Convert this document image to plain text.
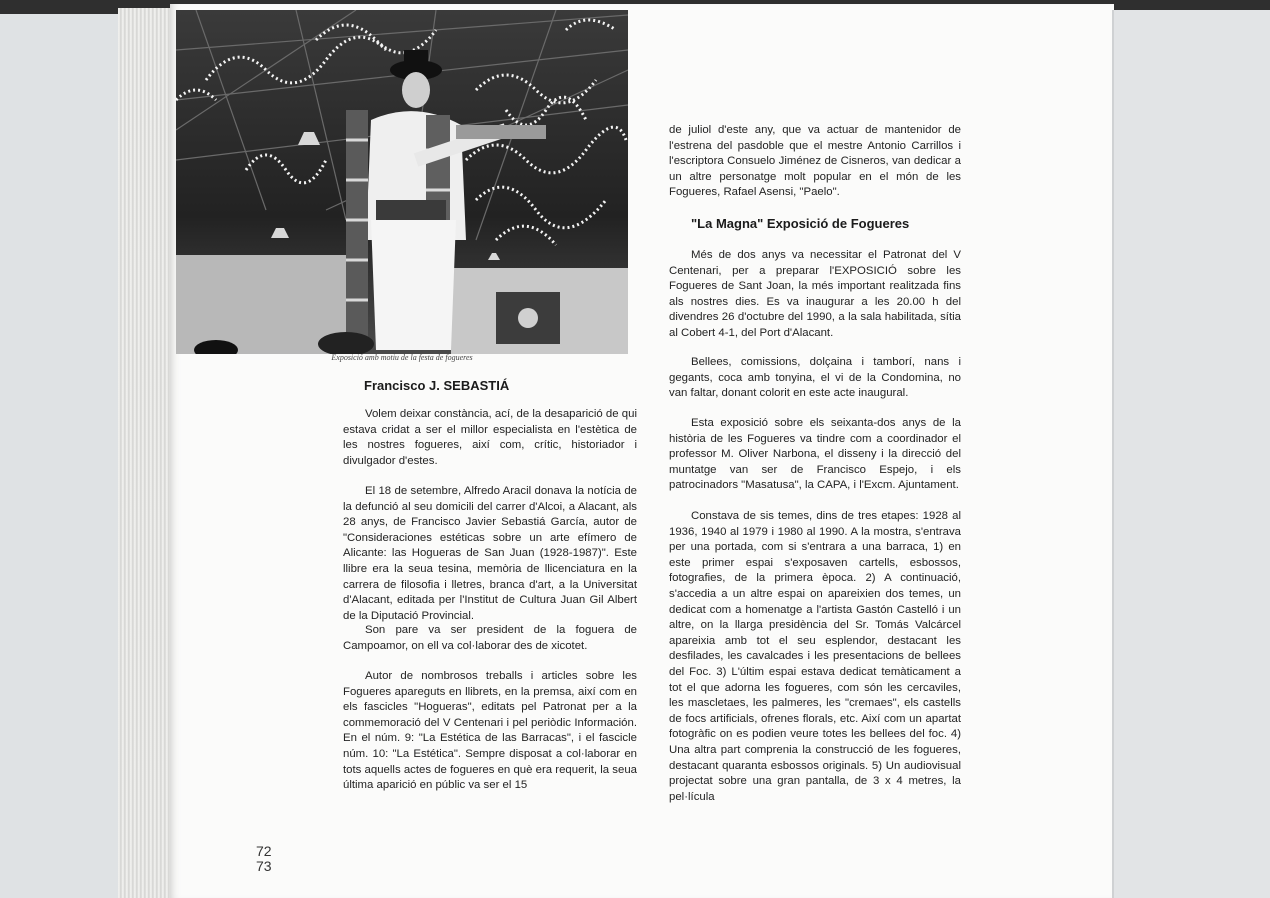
Exposició amb motiu de la festa de fogueres
Francisco J. SEBASTIÁ

Volem deixar constància, ací, de la desaparició de qui estava cridat a ser el millor especialista en l'estètica de les nostres fogueres, així com, crític, historiador i divulgador d'estes.

El 18 de setembre, Alfredo Aracil donava la notícia de la defunció al seu domicili del carrer d'Alcoi, a Alacant, als 28 anys, de Francisco Javier Sebastiá García, autor de "Consideraciones estéticas sobre un arte efímero de Alicante: las Hogueras de San Juan (1928-1987)". Este llibre era la seua tesina, memòria de llicenciatura en la carrera de filosofia i lletres, branca d'art, a la Universitat d'Alacant, editada per l'Institut de Cultura Juan Gil Albert de la Diputació Provincial.

Son pare va ser president de la foguera de Campoamor, on ell va col·laborar des de xicotet.

Autor de nombrosos treballs i articles sobre les Fogueres apareguts en llibrets, en la premsa, així com en els fascicles "Hogueras", editats pel Patronat per a la commemoració del V Centenari i pel periòdic Información. En el núm. 9: "La Estética de las Barracas", i el fascicle núm. 10: "La Estética". Sempre disposat a col·laborar en tots aquells actes de fogueres en què era requerit, la seua última aparició en públic va ser el 15

de juliol d'este any, que va actuar de mantenidor de l'estrena del pasdoble que el mestre Antonio Carrillos i l'escriptora Consuelo Jiménez de Cisneros, van dedicar a un altre personatge molt popular en el món de les Fogueres, Rafael Asensi, "Paelo".

"La Magna" Exposició de Fogueres

Més de dos anys va necessitar el Patronat del V Centenari, per a preparar l'EXPOSICIÓ sobre les Fogueres de Sant Joan, la més important realitzada fins als nostres dies. Es va inaugurar a les 20.00 h del divendres 26 d'octubre del 1990, a la sala habilitada, sítia al Cobert 4-1, del Port d'Alacant.

Bellees, comissions, dolçaina i tamborí, nans i gegants, coca amb tonyina, el vi de la Condomina, no van faltar, donant colorit en este acte inaugural.

Esta exposició sobre els seixanta-dos anys de la història de les Fogueres va tindre com a coordinador el professor M. Oliver Narbona, el disseny i la direcció del muntatge van ser de Francisco Espejo, i els patrocinadors "Masatusa", la CAPA, i l'Excm. Ajuntament.

Constava de sis temes, dins de tres etapes: 1928 al 1936, 1940 al 1979 i 1980 al 1990. A la mostra, s'entrava per una portada, com si s'entrara a una barraca, 1) en este primer espai s'exposaven cartells, esbossos, fotografies, de la primera època. 2) A continuació, s'accedia a un altre espai on apareixien dos temes, un dedicat com a homenatge a l'artista Gastón Castelló i un altre, on la llarga presidència del Sr. Tomás Valcárcel apareixia amb tot el seu esplendor, destacant les desfilades, les cavalcades i les presentacions de bellees del Foc. 3) L'últim espai estava dedicat temàticament a tot el que adorna les fogueres, com són les cercaviles, les mascletaes, les palmeres, les "cremaes", els castells de focs artificials, ofrenes florals, etc. Així com un apartat fotogràfic on es podien veure totes les bellees del foc. 4) Una altra part comprenia la construcció de les fogueres, destacant quaranta esbossos originals. 5) Un audiovisual projectat sobre una gran pantalla, de 3 x 4 metres, la pel·lícula

72
73
